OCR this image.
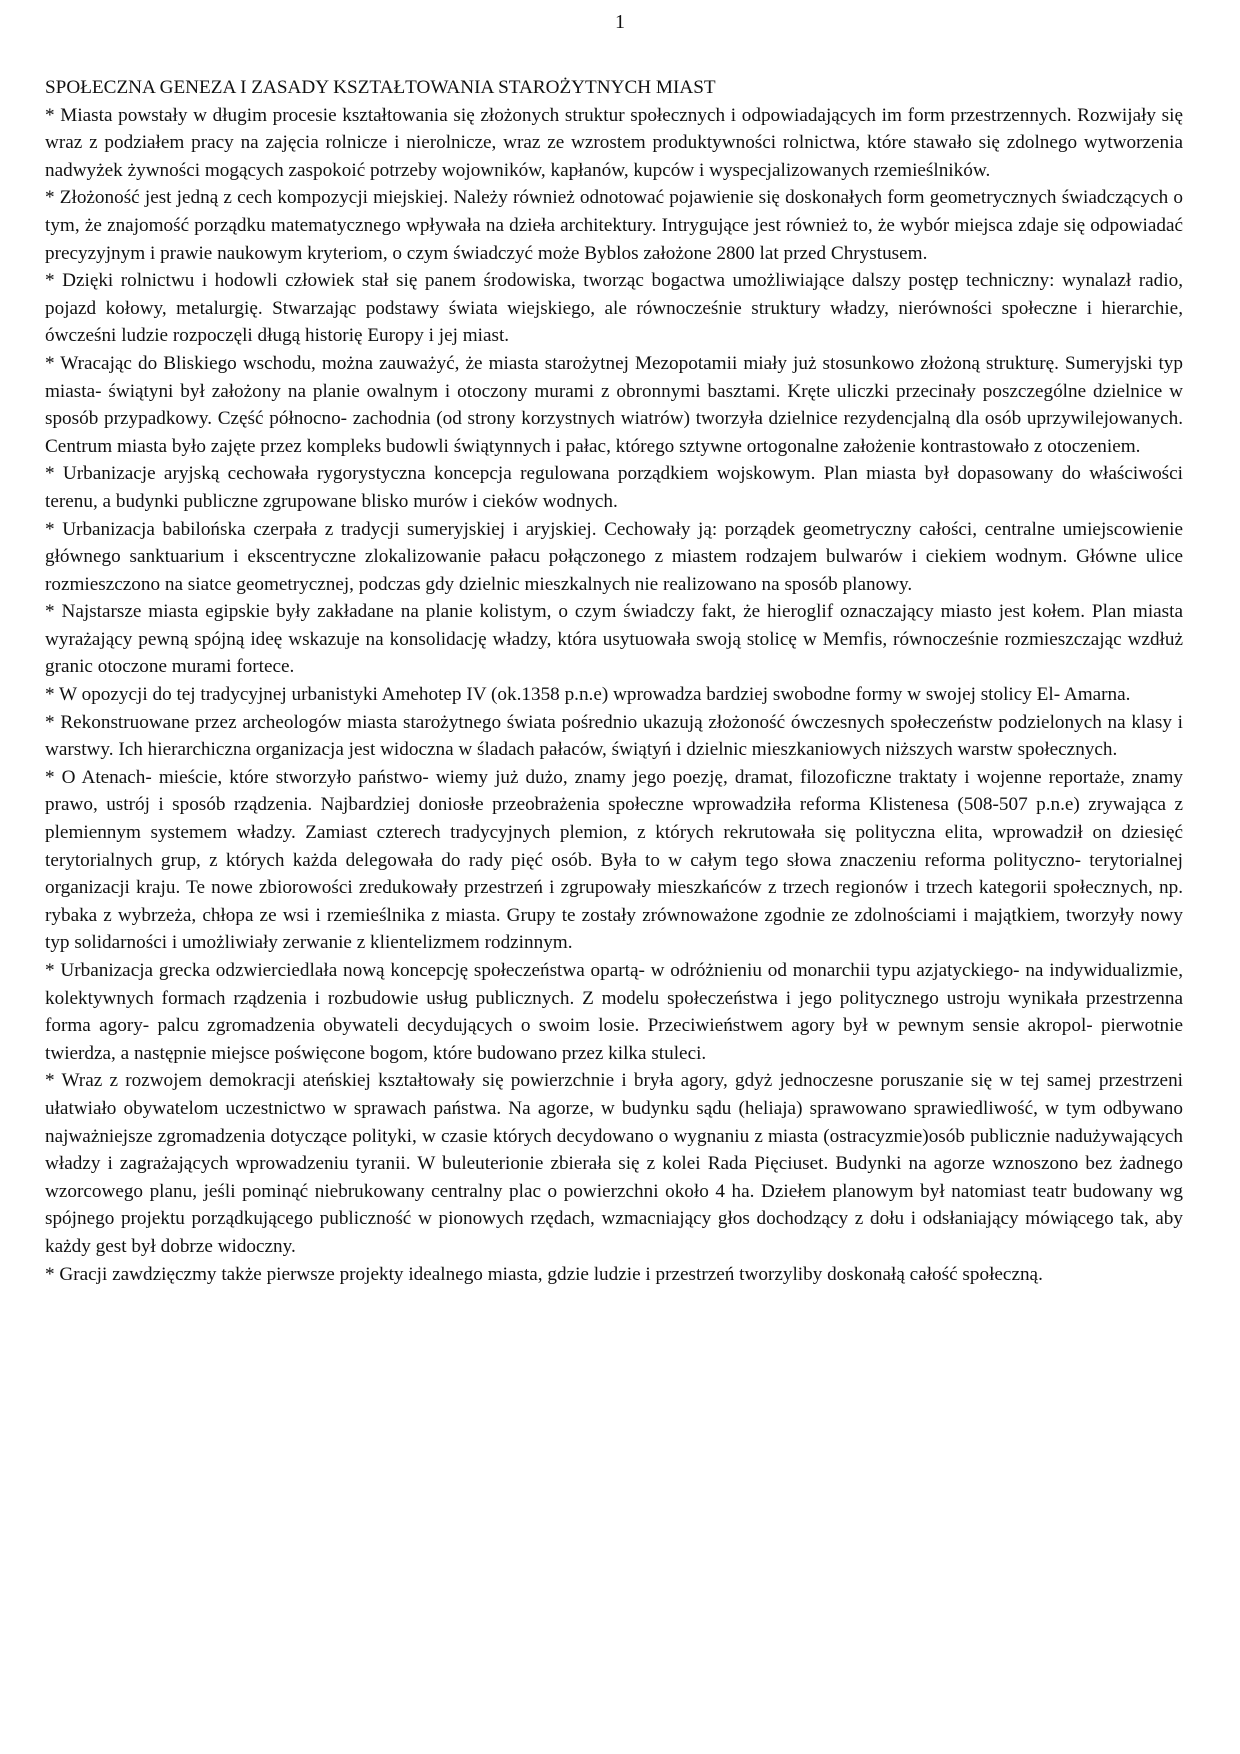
1
SPOŁECZNA GENEZA I ZASADY KSZTAŁTOWANIA STAROŻYTNYCH MIAST

* Miasta powstały w długim procesie kształtowania się złożonych struktur społecznych i odpowiadających im form przestrzennych. Rozwijały się wraz z podziałem pracy na zajęcia rolnicze i nierolnicze, wraz ze wzrostem produktywności rolnictwa, które stawało się zdolnego wytworzenia nadwyżek żywności mogących zaspokoić potrzeby wojowników, kapłanów, kupców i wyspecjalizowanych rzemieślników.

* Złożoność jest jedną z cech kompozycji miejskiej. Należy również odnotować pojawienie się doskonałych form geometrycznych świadczących o tym, że znajomość porządku matematycznego wpływała na dzieła architektury. Intrygujące jest również to, że wybór miejsca zdaje się odpowiadać precyzyjnym i prawie naukowym kryteriom, o czym świadczyć może Byblos założone 2800 lat przed Chrystusem.

* Dzięki rolnictwu i hodowli człowiek stał się panem środowiska, tworząc bogactwa umożliwiające dalszy postęp techniczny: wynalazł radio, pojazd kołowy, metalurgię. Stwarzając podstawy świata wiejskiego, ale równocześnie struktury władzy, nierówności społeczne i hierarchie, ówcześni ludzie rozpoczęli długą historię Europy i jej miast.

* Wracając do Bliskiego wschodu, można zauważyć, że miasta starożytnej Mezopotamii miały już stosunkowo złożoną strukturę. Sumeryjski typ miasta- świątyni był założony na planie owalnym i otoczony murami z obronnymi basztami. Kręte uliczki przecinały poszczególne dzielnice w sposób przypadkowy. Część północno- zachodnia (od strony korzystnych wiatrów) tworzyła dzielnice rezydencjalną dla osób uprzywilejowanych. Centrum miasta było zajęte przez kompleks budowli świątynnych i pałac, którego sztywne ortogonalne założenie kontrastowało z otoczeniem.

* Urbanizacje aryjską cechowała rygorystyczna koncepcja regulowana porządkiem wojskowym. Plan miasta był dopasowany do właściwości terenu, a budynki publiczne zgrupowane blisko murów i cieków wodnych.

* Urbanizacja babilońska czerpała z tradycji sumeryjskiej i aryjskiej. Cechowały ją: porządek geometryczny całości, centralne umiejscowienie głównego sanktuarium i ekscentryczne zlokalizowanie pałacu połączonego z miastem rodzajem bulwarów i ciekiem wodnym. Główne ulice rozmieszczono na siatce geometrycznej, podczas gdy dzielnic mieszkalnych nie realizowano na sposób planowy.

* Najstarsze miasta egipskie były zakładane na planie kolistym, o czym świadczy fakt, że hieroglif oznaczający miasto jest kołem. Plan miasta wyrażający pewną spójną ideę wskazuje na konsolidację władzy, która usytuowała swoją stolicę w Memfis, równocześnie rozmieszczając wzdłuż granic otoczone murami fortece.

* W opozycji do tej tradycyjnej urbanistyki Amehotep IV (ok.1358 p.n.e) wprowadza bardziej swobodne formy w swojej stolicy El- Amarna.

* Rekonstruowane przez archeologów miasta starożytnego świata pośrednio ukazują złożoność ówczesnych społeczeństw podzielonych na klasy i warstwy. Ich hierarchiczna organizacja jest widoczna w śladach pałaców, świątyń i dzielnic mieszkaniowych niższych warstw społecznych.

* O Atenach- mieście, które stworzyło państwo- wiemy już dużo, znamy jego poezję, dramat, filozoficzne traktaty i wojenne reportaże, znamy prawo, ustrój i sposób rządzenia. Najbardziej doniosłe przeobrażenia społeczne wprowadziła reforma Klistenesa (508-507 p.n.e) zrywająca z plemiennym systemem władzy. Zamiast czterech tradycyjnych plemion, z których rekrutowała się polityczna elita, wprowadził on dziesięć terytorialnych grup, z których każda delegowała do rady pięć osób. Była to w całym tego słowa znaczeniu reforma polityczno- terytorialnej organizacji kraju. Te nowe zbiorowości zredukowały przestrzeń i zgrupowały mieszkańców z trzech regionów i trzech kategorii społecznych, np. rybaka z wybrzeża, chłopa ze wsi i rzemieślnika z miasta. Grupy te zostały zrównoważone zgodnie ze zdolnościami i majątkiem, tworzyły nowy typ solidarności i umożliwiały zerwanie z klientelizmem rodzinnym.

* Urbanizacja grecka odzwierciedlała nową koncepcję społeczeństwa opartą- w odróżnieniu od monarchii typu azjatyckiego- na indywidualizmie, kolektywnych formach rządzenia i rozbudowie usług publicznych. Z modelu społeczeństwa i jego politycznego ustroju wynikała przestrzenna forma agory- palcu zgromadzenia obywateli decydujących o swoim losie. Przeciwieństwem agory był w pewnym sensie akropol- pierwotnie twierdza, a następnie miejsce poświęcone bogom, które budowano przez kilka stuleci.

* Wraz z rozwojem demokracji ateńskiej kształtowały się powierzchnie i bryła agory, gdyż jednoczesne poruszanie się w tej samej przestrzeni ułatwiało obywatelom uczestnictwo w sprawach państwa. Na agorze, w budynku sądu (heliaja) sprawowano sprawiedliwość, w tym odbywano najważniejsze zgromadzenia dotyczące polityki, w czasie których decydowano o wygnaniu z miasta (ostracyzmie)osób publicznie nadużywających władzy i zagrażających wprowadzeniu tyranii. W buleuterionie zbierała się z kolei Rada Pięciuset. Budynki na agorze wznoszono bez żadnego wzorcowego planu, jeśli pominąć niebrukowany centralny plac o powierzchni około 4 ha. Dziełem planowym był natomiast teatr budowany wg spójnego projektu porządkującego publiczność w pionowych rzędach, wzmacniający głos dochodzący z dołu i odsłaniający mówiącego tak, aby każdy gest był dobrze widoczny.

* Gracji zawdzięczmy także pierwsze projekty idealnego miasta, gdzie ludzie i przestrzeń tworzyliby doskonałą całość społeczną.
